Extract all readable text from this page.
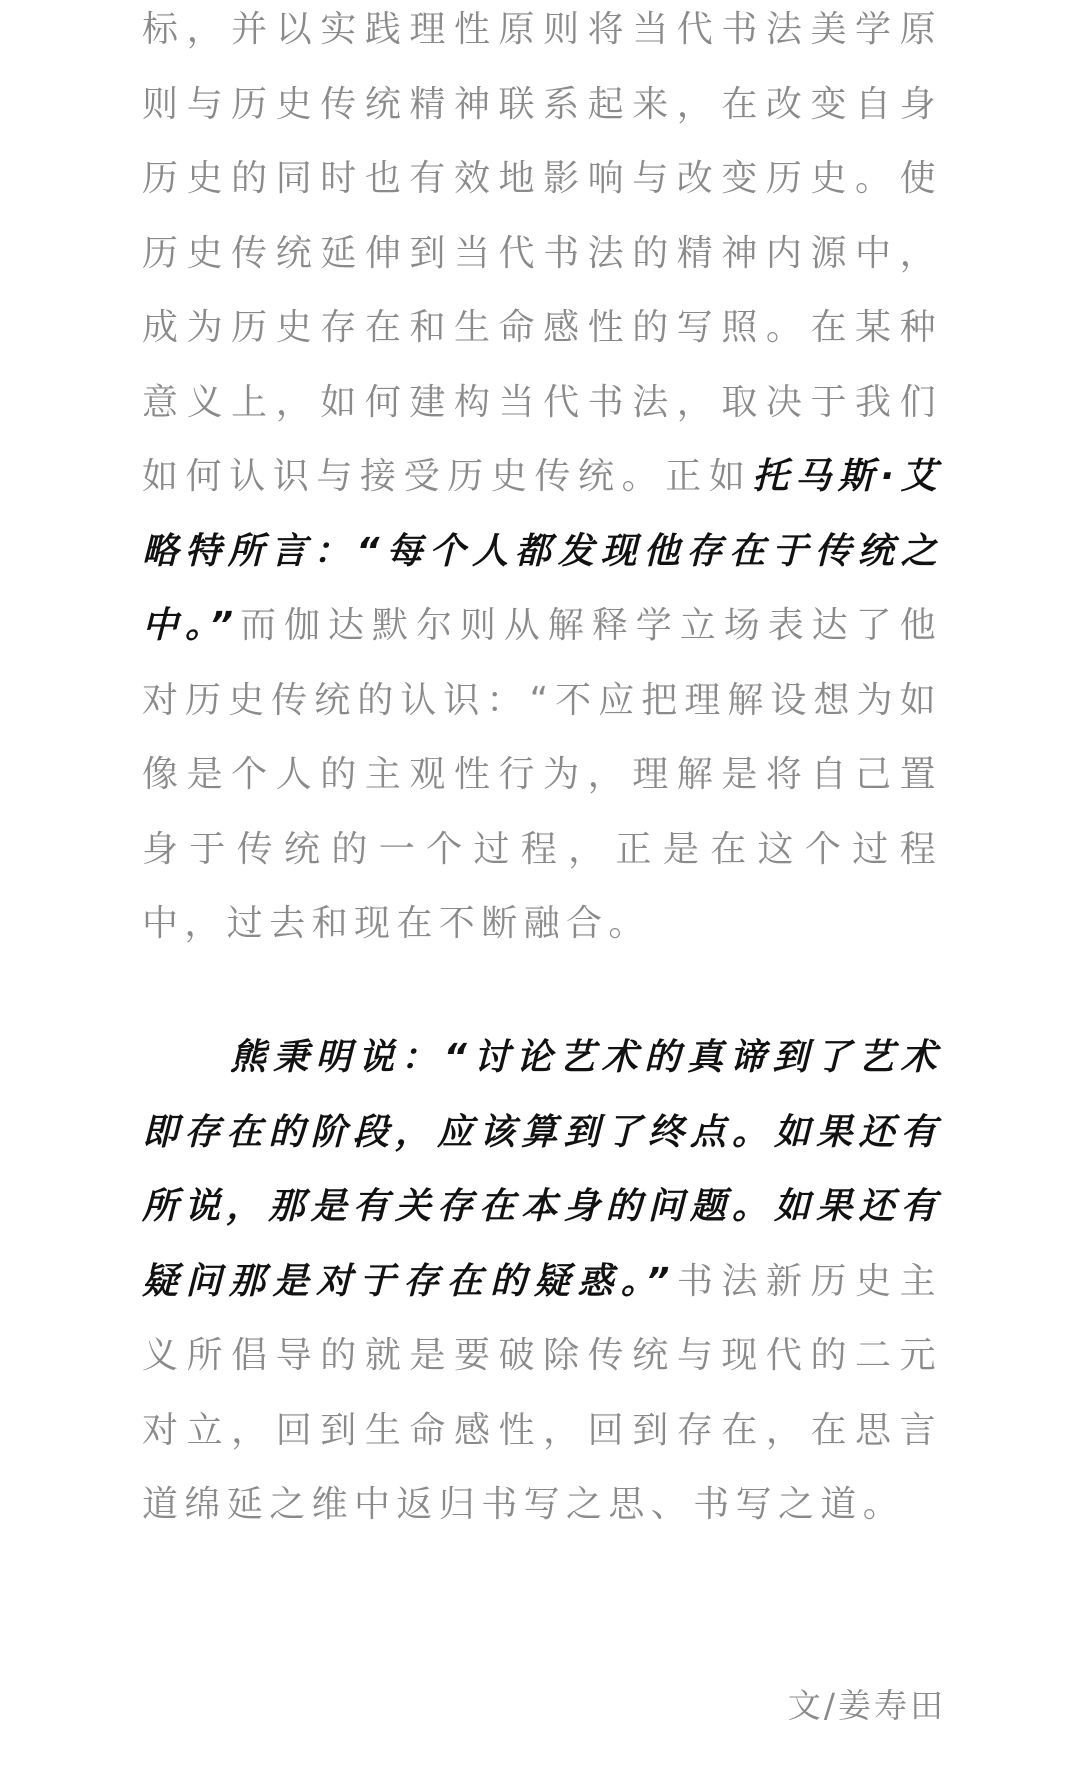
标，并以实践理性原则将当代书法美学原则与历史传统精神联系起来，在改变自身历史的同时也有效地影响与改变历史。使历史传统延伸到当代书法的精神内源中，成为历史存在和生命感性的写照。在某种意义上，如何建构当代书法，取决于我们如何认识与接受历史传统。正如托马斯·艾略特所言：“每个人都发现他存在于传统之中。”而伽达默尔则从解释学立场表达了他对历史传统的认识：“不应把理解设想为如像是个人的主观性行为，理解是将自己置身于传统的一个过程，正是在这个过程中，过去和现在不断融合。

熊秉明说：“讨论艺术的真谛到了艺术即存在的阶段，应该算到了终点。如果还有所说，那是有关存在本身的问题。如果还有疑问那是对于存在的疑惑。”书法新历史主义所倡导的就是要破除传统与现代的二元对立，回到生命感性，回到存在，在思言道绵延之维中返归书写之思、书写之道。

文/姜寿田
